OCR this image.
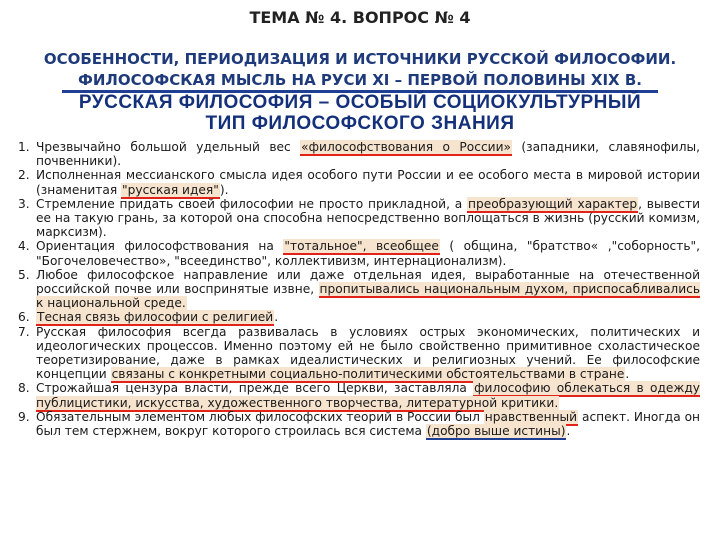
ТЕМА № 4. ВОПРОС № 4
ОСОБЕННОСТИ, ПЕРИОДИЗАЦИЯ И ИСТОЧНИКИ РУССКОЙ ФИЛОСОФИИ.
ФИЛОСОФСКАЯ МЫСЛЬ НА РУСИ XI – ПЕРВОЙ ПОЛОВИНЫ XIX В.
РУССКАЯ ФИЛОСОФИЯ – ОСОБЫЙ СОЦИОКУЛЬТУРНЫЙ
ТИП ФИЛОСОФСКОГО ЗНАНИЯ
1. Чрезвычайно большой удельный вес «философствования о России» (западники, славянофилы, почвенники).
2. Исполненная мессианского смысла идея особого пути России и ее особого места в мировой истории (знаменитая "русская идея").
3. Стремление придать своей философии не просто прикладной, а преобразующий характер, вывести ее на такую грань, за которой она способна непосредственно воплощаться в жизнь (русский комизм, марксизм).
4. Ориентация философствования на "тотальное", всеобщее ( община, "братство« ,"соборность", "Богочеловечество», "всеединство", коллективизм, интернационализм).
5. Любое философское направление или даже отдельная идея, выработанные на отечественной российской почве или воспринятые извне, пропитывались национальным духом, приспосабливались к национальной среде.
6. Тесная связь философии с религией.
7. Русская философия всегда развивалась в условиях острых экономических, политических и идеологических процессов. Именно поэтому ей не было свойственно примитивное схоластическое теоретизирование, даже в рамках идеалистических и религиозных учений. Ее философские концепции связаны с конкретными социально-политическими обстоятельствами в стране.
8. Строжайшая цензура власти, прежде всего Церкви, заставляла философию облекаться в одежду публицистики, искусства, художественного творчества, литературной критики.
9. Обязательным элементом любых философских теорий в России был нравственный аспект. Иногда он был тем стержнем, вокруг которого строилась вся система (добро выше истины).
